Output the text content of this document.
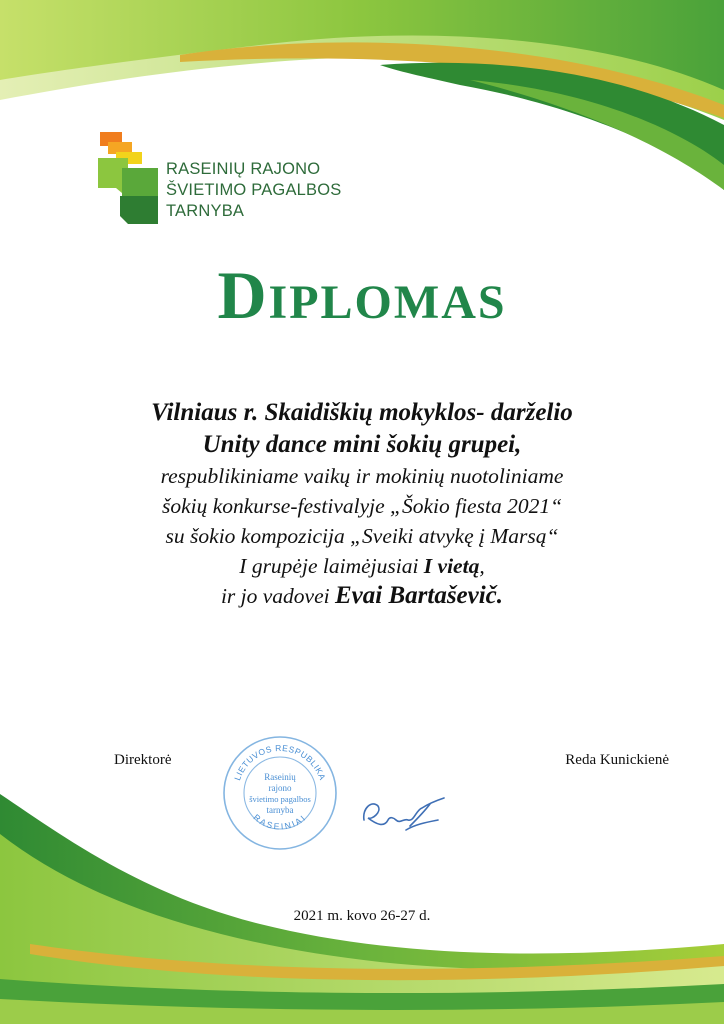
RASEINIŲ RAJONO
ŠVIETIMO PAGALBOS
TARNYBA
Diplomas
Vilniaus r. Skaidiškių mokyklos- darželio
Unity dance mini šokių grupei,
respublikiniame vaikų ir mokinių nuotoliniame
šokių konkurse-festivalyje „Šokio fiesta 2021“
su šokio kompozicija „Sveiki atvykę į Marsą“
I grupėje laimėjusiai I vietą,
ir jo vadovei Evai Bartaševič.
Direktorė	Reda Kunickienė
LIETUVOS RESPUBLIKA
RASEINIAI
Raseinių
rajono
švietimo pagalbos
tarnyba
2021 m. kovo 26-27 d.
